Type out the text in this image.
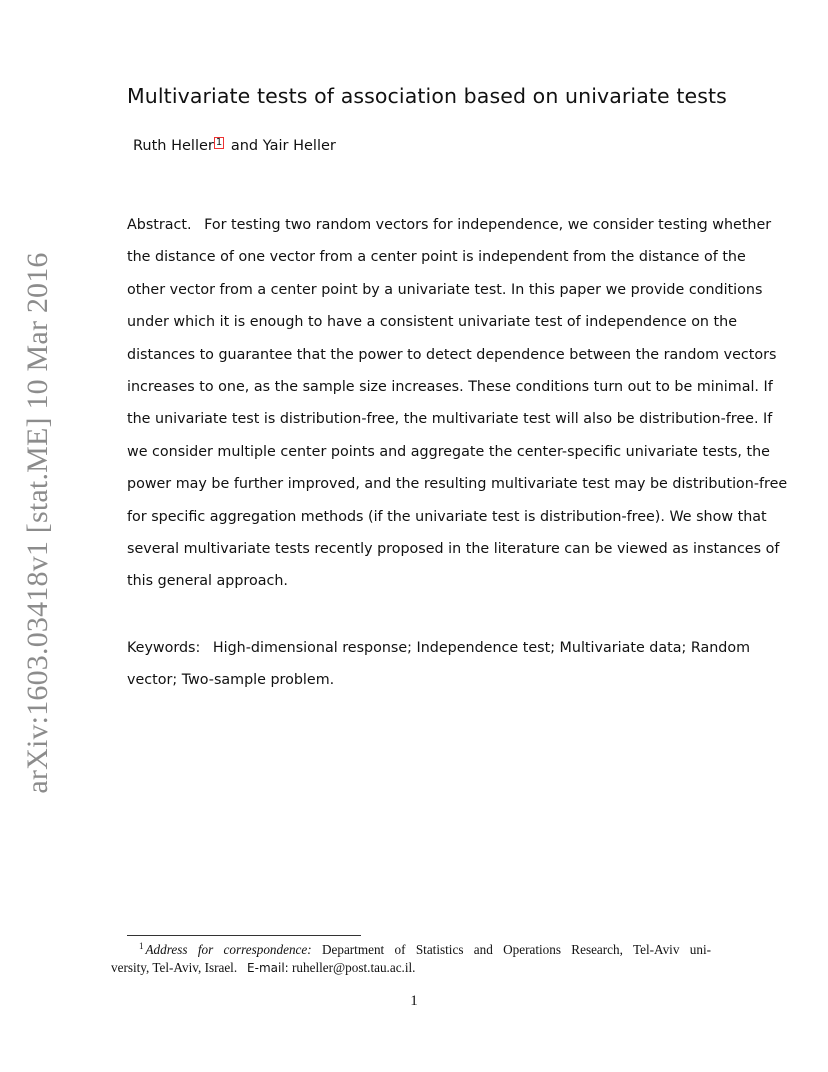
arXiv:1603.03418v1 [stat.ME] 10 Mar 2016
Multivariate tests of association based on univariate tests
Ruth Heller 1 and Yair Heller
Abstract. For testing two random vectors for independence, we consider testing whether
the distance of one vector from a center point is independent from the distance of the
other vector from a center point by a univariate test. In this paper we provide conditions
under which it is enough to have a consistent univariate test of independence on the
distances to guarantee that the power to detect dependence between the random vectors
increases to one, as the sample size increases. These conditions turn out to be minimal. If
the univariate test is distribution-free, the multivariate test will also be distribution-free. If
we consider multiple center points and aggregate the center-specific univariate tests, the
power may be further improved, and the resulting multivariate test may be distribution-free
for specific aggregation methods (if the univariate test is distribution-free). We show that
several multivariate tests recently proposed in the literature can be viewed as instances of
this general approach.
Keywords: High-dimensional response; Independence test; Multivariate data; Random
vector; Two-sample problem.
$^1$ Address for correspondence: Department of Statistics and Operations Research, Tel-Aviv uni-
versity, Tel-Aviv, Israel. E-mail: ruheller@post.tau.ac.il.
1
